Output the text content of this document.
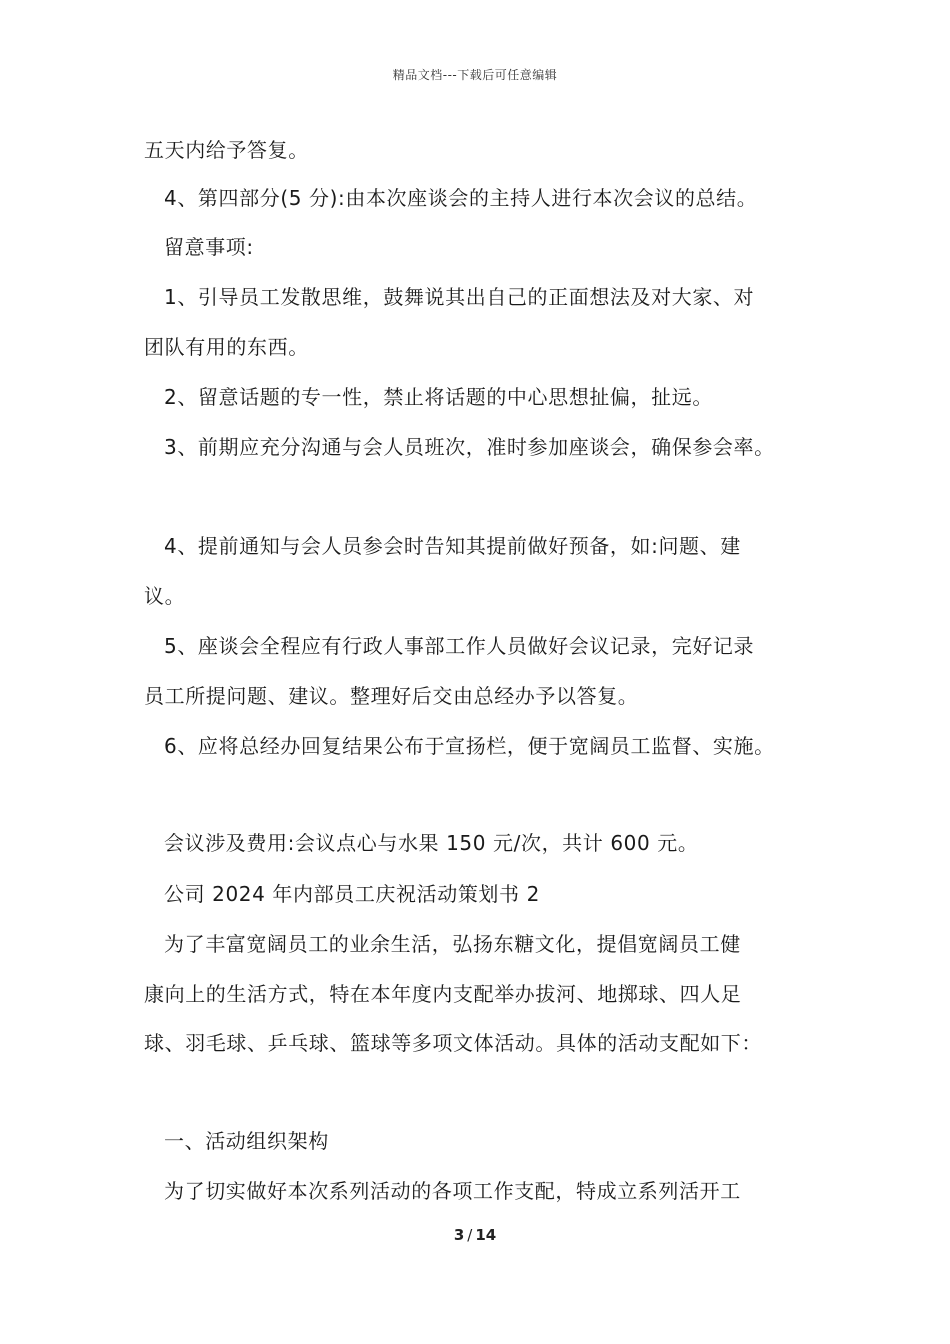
精品文档---下载后可任意编辑
五天内给予答复。
4、第四部分(5 分):由本次座谈会的主持人进行本次会议的总结。
留意事项:
1、引导员工发散思维，鼓舞说其出自己的正面想法及对大家、对
团队有用的东西。
2、留意话题的专一性，禁止将话题的中心思想扯偏，扯远。
3、前期应充分沟通与会人员班次，准时参加座谈会，确保参会率。
4、提前通知与会人员参会时告知其提前做好预备，如:问题、建
议。
5、座谈会全程应有行政人事部工作人员做好会议记录，完好记录
员工所提问题、建议。整理好后交由总经办予以答复。
6、应将总经办回复结果公布于宣扬栏，便于宽阔员工监督、实施。
会议涉及费用:会议点心与水果 150 元/次，共计 600 元。
公司 2024 年内部员工庆祝活动策划书 2
为了丰富宽阔员工的业余生活，弘扬东糖文化，提倡宽阔员工健
康向上的生活方式，特在本年度内支配举办拔河、地掷球、四人足
球、羽毛球、乒乓球、篮球等多项文体活动。具体的活动支配如下：
一、活动组织架构
为了切实做好本次系列活动的各项工作支配，特成立系列活开工
3 / 14
